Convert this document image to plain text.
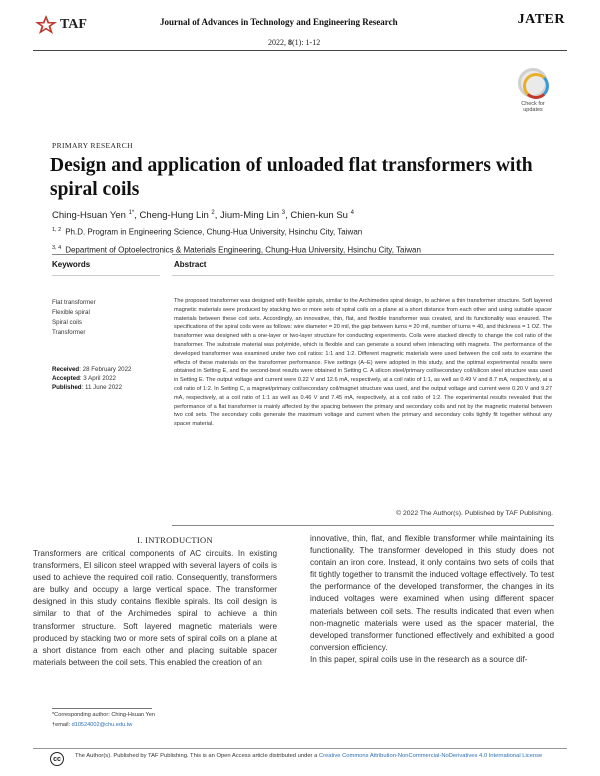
TAF	Journal of Advances in Technology and Engineering Research	JATER
2022, 8(1): 1-12
Check for
updates
PRIMARY RESEARCH
Design and application of unloaded flat transformers with spiral coils
Ching-Hsuan Yen $^{1*}$, Cheng-Hung Lin $^2$, Jium-Ming Lin $^3$, Chien-kun Su $^4$
$^{1, 2}$ Ph.D. Program in Engineering Science, Chung-Hua University, Hsinchu City, Taiwan
$^{3, 4}$ Department of Optoelectronics & Materials Engineering, Chung-Hua University, Hsinchu City, Taiwan
Keywords
Flat transformer
Flexible spiral
Spiral coils
Transformer
Received: 28 February 2022
Accepted: 3 April 2022
Published: 11 June 2022
Abstract

The proposed transformer was designed with flexible spirals, similar to the Archimedes spiral design, to achieve a thin transformer structure. Soft layered magnetic materials were produced by stacking two or more sets of spiral coils on a plane at a short distance from each other and using suitable spacer materials between these coil sets. Accordingly, an innovative, thin, flat, and flexible transformer was created, and its functionality was ensured. The specifications of the spiral coils were as follows: wire diameter = 20 mil, the gap between turns = 20 mil, number of turns = 40, and thickness = 1 OZ. The transformer was designed with a one-layer or two-layer structure for conducting experiments. Coils were stacked directly to change the coil ratio of the transformer. The substrate material was polyimide, which is flexible and can generate a sound when interacting with magnets. The performance of the developed transformer was examined under two coil ratios: 1:1 and 1:2. Different magnetic materials were used between the coil sets to examine the effects of these materials on the transformer performance. Five settings (A–E) were adopted in this study, and the optimal experimental results were obtained in Setting E, and the second-best results were obtained in Setting C. A silicon steel/primary coil/secondary coil/silicon steel structure was used in Setting E. The output voltage and current were 0.22 V and 12.6 mA, respectively, at a coil ratio of 1:1, as well as 0.49 V and 8.7 mA, respectively, at a coil ratio of 1:2. In Setting C, a magnet/primary coil/secondary coil/magnet structure was used, and the output voltage and current were 0.20 V and 9.27 mA, respectively, at a coil ratio of 1:1 as well as 0.46 V and 7.45 mA, respectively, at a coil ratio of 1:2. The experimental results revealed that the performance of a flat transformer is mainly affected by the spacing between the primary and secondary coils and not by the magnetic material between two coil sets. The secondary coils generate the maximum voltage and current when the primary and secondary coils tightly fit together without any spacer material.

© 2022 The Author(s). Published by TAF Publishing.
I. INTRODUCTION

Transformers are critical components of AC circuits. In existing transformers, EI silicon steel wrapped with several layers of coils is used to achieve the required coil ratio. Consequently, transformers are bulky and occupy a large vertical space. The transformer designed in this study contains flexible spirals. Its coil design is similar to that of the Archimedes spiral to achieve a thin transformer structure. Soft layered magnetic materials were produced by stacking two or more sets of spiral coils on a plane at a short distance from each other and placing suitable spacer materials between the coil sets. This enabled the creation of an

innovative, thin, flat, and flexible transformer while maintaining its functionality. The transformer developed in this study does not contain an iron core. Instead, it only contains two sets of coils that fit tightly together to transmit the induced voltage effectively. To test the performance of the developed transformer, the changes in its induced voltages were examined when using different spacer materials between coil sets. The results indicated that even when non-magnetic materials were used as the spacer material, the developed transformer functioned effectively and exhibited a good conversion efficiency.

In this paper, spiral coils use in the research as a source dif-

*Corresponding author: Ching-Hsuan Yen
†email: d10524002@chu.edu.tw
cc	The Author(s). Published by TAF Publishing. This is an Open Access article distributed under a Creative Commons Attribution-NonCommercial-NoDerivatives 4.0 International License
